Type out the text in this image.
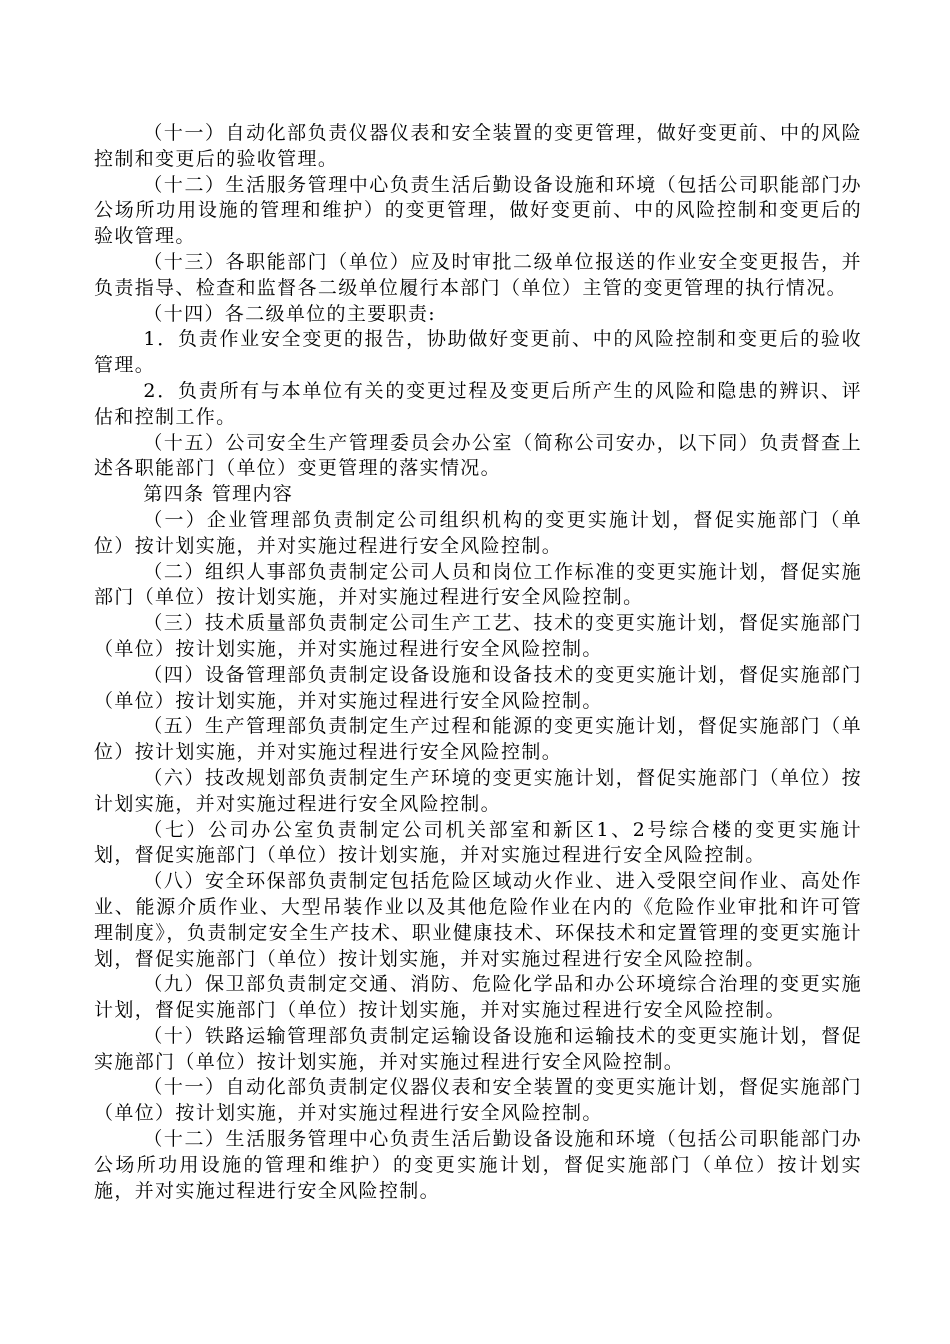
（十一）自动化部负责仪器仪表和安全装置的变更管理，做好变更前、中的风险控制和变更后的验收管理。

（十二）生活服务管理中心负责生活后勤设备设施和环境（包括公司职能部门办公场所功用设施的管理和维护）的变更管理，做好变更前、中的风险控制和变更后的验收管理。

（十三）各职能部门（单位）应及时审批二级单位报送的作业安全变更报告，并负责指导、检查和监督各二级单位履行本部门（单位）主管的变更管理的执行情况。

（十四）各二级单位的主要职责:

1．负责作业安全变更的报告，协助做好变更前、中的风险控制和变更后的验收管理。

2．负责所有与本单位有关的变更过程及变更后所产生的风险和隐患的辨识、评估和控制工作。

（十五）公司安全生产管理委员会办公室（简称公司安办，以下同）负责督查上述各职能部门（单位）变更管理的落实情况。

第四条 管理内容

（一）企业管理部负责制定公司组织机构的变更实施计划，督促实施部门（单位）按计划实施，并对实施过程进行安全风险控制。

（二）组织人事部负责制定公司人员和岗位工作标准的变更实施计划，督促实施部门（单位）按计划实施，并对实施过程进行安全风险控制。

（三）技术质量部负责制定公司生产工艺、技术的变更实施计划，督促实施部门（单位）按计划实施，并对实施过程进行安全风险控制。

（四）设备管理部负责制定设备设施和设备技术的变更实施计划，督促实施部门（单位）按计划实施，并对实施过程进行安全风险控制。

（五）生产管理部负责制定生产过程和能源的变更实施计划，督促实施部门（单位）按计划实施，并对实施过程进行安全风险控制。

（六）技改规划部负责制定生产环境的变更实施计划，督促实施部门（单位）按计划实施，并对实施过程进行安全风险控制。

（七）公司办公室负责制定公司机关部室和新区1、2号综合楼的变更实施计划，督促实施部门（单位）按计划实施，并对实施过程进行安全风险控制。

（八）安全环保部负责制定包括危险区域动火作业、进入受限空间作业、高处作业、能源介质作业、大型吊装作业以及其他危险作业在内的《危险作业审批和许可管理制度》，负责制定安全生产技术、职业健康技术、环保技术和定置管理的变更实施计划，督促实施部门（单位）按计划实施，并对实施过程进行安全风险控制。

（九）保卫部负责制定交通、消防、危险化学品和办公环境综合治理的变更实施计划，督促实施部门（单位）按计划实施，并对实施过程进行安全风险控制。

（十）铁路运输管理部负责制定运输设备设施和运输技术的变更实施计划，督促实施部门（单位）按计划实施，并对实施过程进行安全风险控制。

（十一）自动化部负责制定仪器仪表和安全装置的变更实施计划，督促实施部门（单位）按计划实施，并对实施过程进行安全风险控制。

（十二）生活服务管理中心负责生活后勤设备设施和环境（包括公司职能部门办公场所功用设施的管理和维护）的变更实施计划，督促实施部门（单位）按计划实施，并对实施过程进行安全风险控制。
